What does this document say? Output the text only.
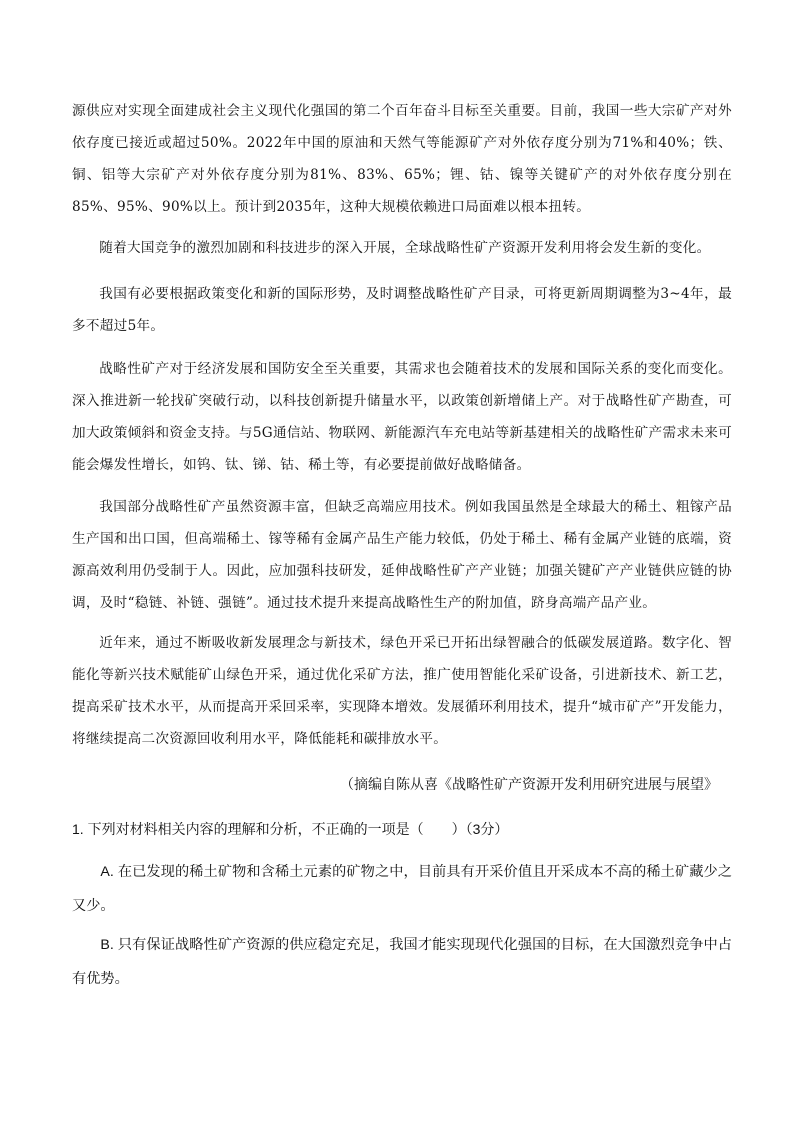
源供应对实现全面建成社会主义现代化强国的第二个百年奋斗目标至关重要。目前，我国一些大宗矿产对外依存度已接近或超过50%。2022年中国的原油和天然气等能源矿产对外依存度分别为71%和40%；铁、铜、铝等大宗矿产对外依存度分别为81%、83%、65%；锂、钴、镍等关键矿产的对外依存度分别在85%、95%、90%以上。预计到2035年，这种大规模依赖进口局面难以根本扭转。

随着大国竞争的激烈加剧和科技进步的深入开展，全球战略性矿产资源开发利用将会发生新的变化。

我国有必要根据政策变化和新的国际形势，及时调整战略性矿产目录，可将更新周期调整为3~4年，最多不超过5年。

战略性矿产对于经济发展和国防安全至关重要，其需求也会随着技术的发展和国际关系的变化而变化。深入推进新一轮找矿突破行动，以科技创新提升储量水平，以政策创新增储上产。对于战略性矿产勘查，可加大政策倾斜和资金支持。与5G通信站、物联网、新能源汽车充电站等新基建相关的战略性矿产需求未来可能会爆发性增长，如钨、钛、锑、钴、稀土等，有必要提前做好战略储备。

我国部分战略性矿产虽然资源丰富，但缺乏高端应用技术。例如我国虽然是全球最大的稀土、粗镓产品生产国和出口国，但高端稀土、镓等稀有金属产品生产能力较低，仍处于稀土、稀有金属产业链的底端，资源高效利用仍受制于人。因此，应加强科技研发，延伸战略性矿产产业链；加强关键矿产产业链供应链的协调，及时“稳链、补链、强链”。通过技术提升来提高战略性生产的附加值，跻身高端产品产业。

近年来，通过不断吸收新发展理念与新技术，绿色开采已开拓出绿智融合的低碳发展道路。数字化、智能化等新兴技术赋能矿山绿色开采，通过优化采矿方法，推广使用智能化采矿设备，引进新技术、新工艺，提高采矿技术水平，从而提高开采回采率，实现降本增效。发展循环利用技术，提升“城市矿产”开发能力，将继续提高二次资源回收利用水平，降低能耗和碳排放水平。

（摘编自陈从喜《战略性矿产资源开发利用研究进展与展望》
1. 下列对材料相关内容的理解和分析，不正确的一项是（　　）（3分）

A. 在已发现的稀土矿物和含稀土元素的矿物之中，目前具有开采价值且开采成本不高的稀土矿藏少之又少。

B. 只有保证战略性矿产资源的供应稳定充足，我国才能实现现代化强国的目标，在大国激烈竞争中占有优势。
